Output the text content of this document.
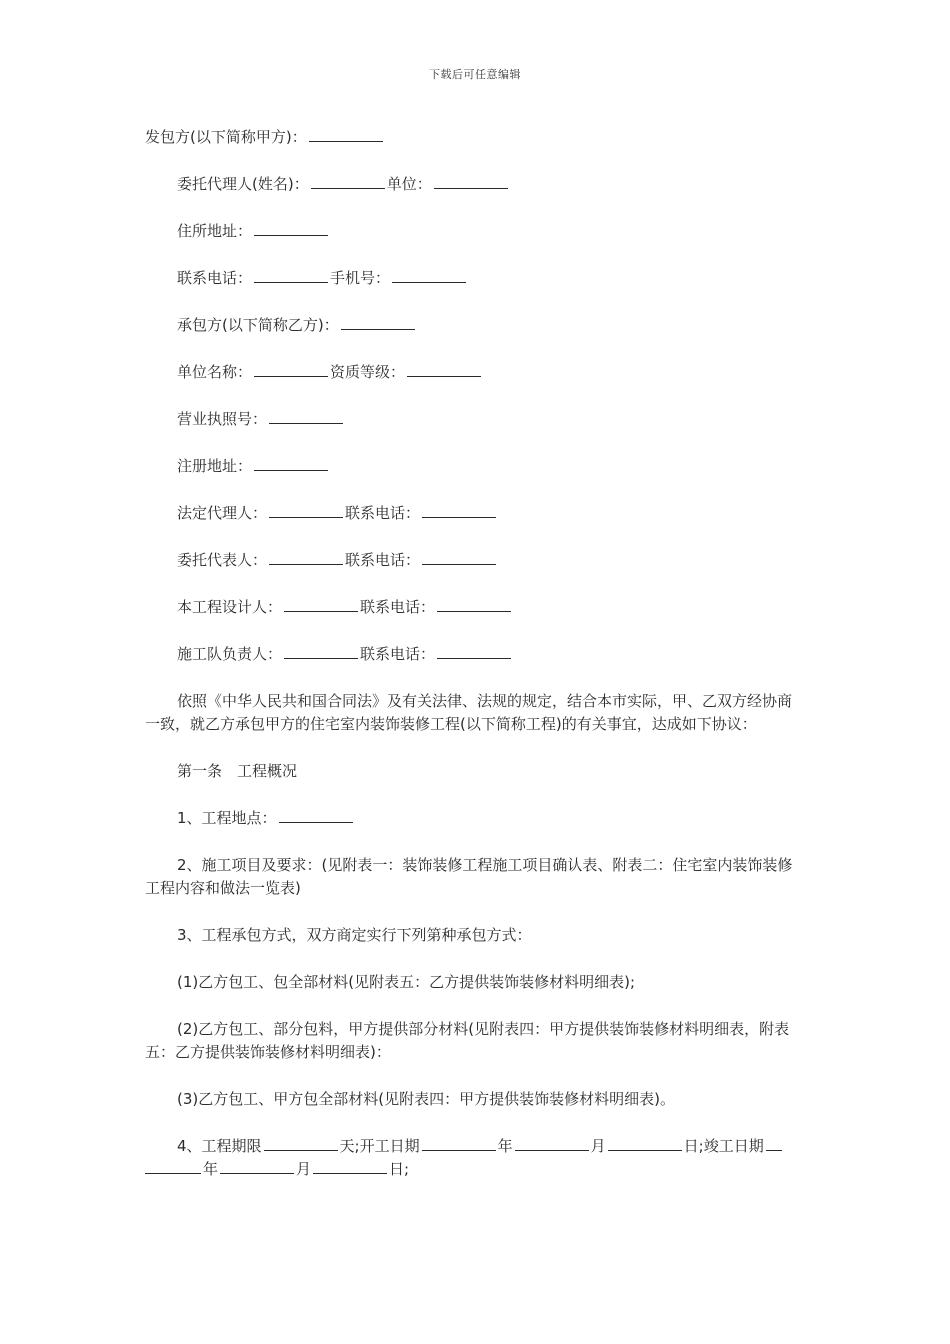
下载后可任意编辑
发包方(以下简称甲方)：
委托代理人(姓名)：	单位：
住所地址：
联系电话：	手机号：
承包方(以下简称乙方)：
单位名称：	资质等级：
营业执照号：
注册地址：
法定代理人：	联系电话：
委托代表人：	联系电话：
本工程设计人：	联系电话：
施工队负责人：	联系电话：
依照《中华人民共和国合同法》及有关法律、法规的规定，结合本市实际，甲、乙双方经协商一致，就乙方承包甲方的住宅室内装饰装修工程(以下简称工程)的有关事宜，达成如下协议：
第一条　工程概况
1、工程地点：
2、施工项目及要求：(见附表一：装饰装修工程施工项目确认表、附表二：住宅室内装饰装修工程内容和做法一览表)
3、工程承包方式，双方商定实行下列第种承包方式：
(1)乙方包工、包全部材料(见附表五：乙方提供装饰装修材料明细表);
(2)乙方包工、部分包料，甲方提供部分材料(见附表四：甲方提供装饰装修材料明细表，附表五：乙方提供装饰装修材料明细表)：
(3)乙方包工、甲方包全部材料(见附表四：甲方提供装饰装修材料明细表)。
4、工程期限	天;开工日期	年	月	日;竣工日期年	月	日;
